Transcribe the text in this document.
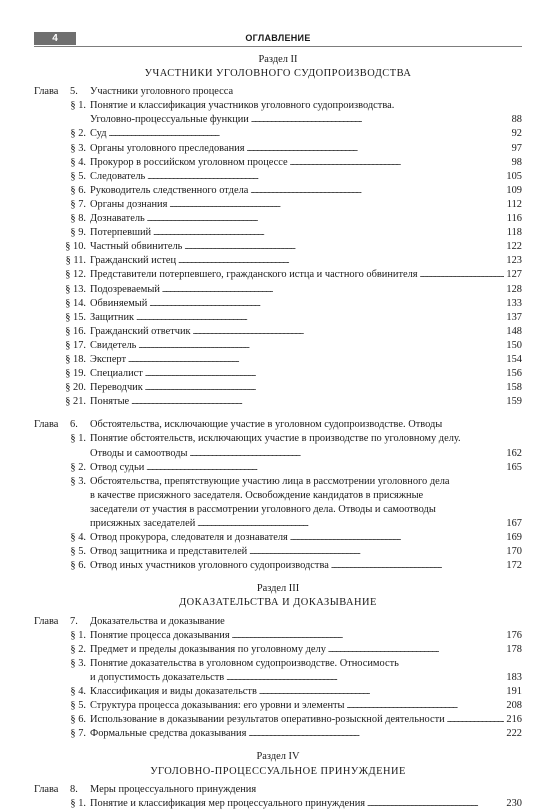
4	ОГЛАВЛЕНИЕ
Раздел II
УЧАСТНИКИ УГОЛОВНОГО СУДОПРОИЗВОДСТВА
Глава	5.	Участники уголовного процесса
§ 1. Понятие и классификация участников уголовного судопроизводства.
Уголовно-процессуальные функции . . .	88
§ 2. Суд . . .	92
§ 3. Органы уголовного преследования . . .	97
§ 4. Прокурор в российском уголовном процессе . . .	98
§ 5. Следователь . . .	105
§ 6. Руководитель следственного отдела . . .	109
§ 7. Органы дознания . . .	112
§ 8. Дознаватель . . .	116
§ 9. Потерпевший . . .	118
§ 10. Частный обвинитель . . .	122
§ 11. Гражданский истец . . .	123
§ 12. Представители потерпевшего, гражданского истца и частного обвинителя . . .	127
§ 13. Подозреваемый . . .	128
§ 14. Обвиняемый . . .	133
§ 15. Защитник . . .	137
§ 16. Гражданский ответчик . . .	148
§ 17. Свидетель . . .	150
§ 18. Эксперт . . .	154
§ 19. Специалист . . .	156
§ 20. Переводчик . . .	158
§ 21. Понятые . . .	159
Глава	6.	Обстоятельства, исключающие участие в уголовном судопроизводстве. Отводы
§ 1. Понятие обстоятельств, исключающих участие в производстве по уголовному делу.
Отводы и самоотводы . . .	162
§ 2. Отвод судьи . . .	165
§ 3. Обстоятельства, препятствующие участию лица в рассмотрении уголовного дела
в качестве присяжного заседателя. Освобождение кандидатов в присяжные
заседатели от участия в рассмотрении уголовного дела. Отводы и самоотводы
присяжных заседателей . . .	167
§ 4. Отвод прокурора, следователя и дознавателя . . .	169
§ 5. Отвод защитника и представителей . . .	170
§ 6. Отвод иных участников уголовного судопроизводства . . .	172
Раздел III
ДОКАЗАТЕЛЬСТВА И ДОКАЗЫВАНИЕ
Глава	7.	Доказательства и доказывание
§ 1. Понятие процесса доказывания . . .	176
§ 2. Предмет и пределы доказывания по уголовному делу . . .	178
§ 3. Понятие доказательства в уголовном судопроизводстве. Относимость
и допустимость доказательств . . .	183
§ 4. Классификация и виды доказательств . . .	191
§ 5. Структура процесса доказывания: его уровни и элементы . . .	208
§ 6. Использование в доказывании результатов оперативно-розыскной деятельности . . .	216
§ 7. Формальные средства доказывания . . .	222
Раздел IV
УГОЛОВНО-ПРОЦЕССУАЛЬНОЕ ПРИНУЖДЕНИЕ
Глава	8.	Меры процессуального принуждения
§ 1. Понятие и классификация мер процессуального принуждения . . .	230
